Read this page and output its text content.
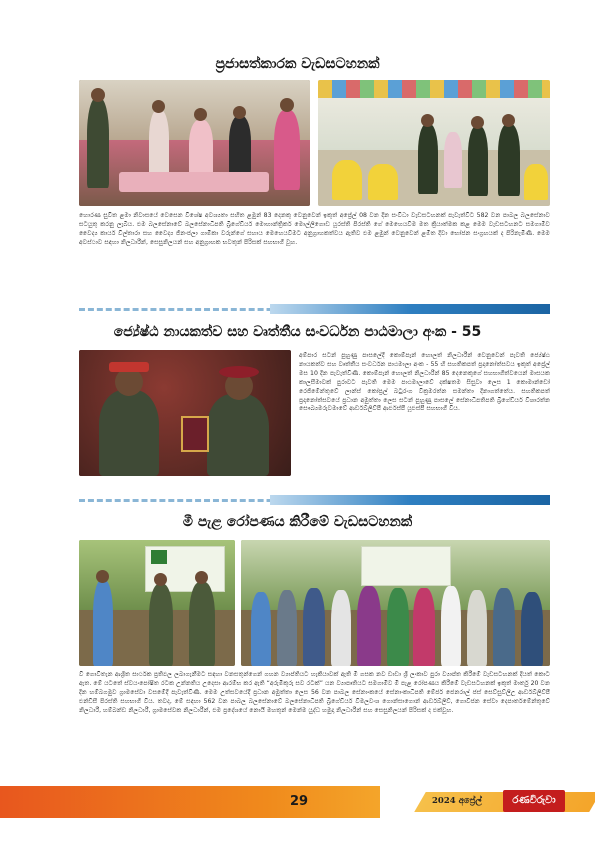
ප්‍රජාසත්කාරක වැඩසටහනක්
හොරණ සුවිත ළමා නිවාසයේ වෙසෙන විශේෂ අවශ්‍යතා සහිත ළමුන් 83 දෙනකු වෙනුවෙන් ඉකුත් අප්‍රේල් 08 වන දින සංවිධා වැඩසටහනක් පැවැත්විට 582 වන පාබල බලසේනාව සටයුතු කරනු ලැබීය. එම බලසේනාවේ බලසේනාධිපති බ්‍රිගේඩියර් මොහාන්ත්‍රිකර් මොල්ලිගොඩ යූරස්ති පිරස්ති ගේ මෙහෙයවීම මත ක්‍රියාත්මක කළ මෙම වැඩසටහනට සමගාමීව වෛද්‍ය කාර්ය විල්තාරා සහ වෛද්‍ය ජිනංජලා ගාමිකා වරුන්ගේ සහාය මෙහෙයවීමට අනුග්‍රාහකත්වය ඇතිව එම ළමුන් වෙනුවෙන් ළමිත දිවා භෝජන සංග්‍රහයක් ද පිරිනැමිණි. මෙම අවස්ථාව සඳහා නිලධාරීන්, සෙසුනිලයන් සහ අනුග්‍රාහක භවතුන් පිරිසක් සහභාගී වූහ.
ජ්‍යේෂ්ඨ නායකත්ව සහ වෘත්තීය සංවර්ධන පාඨමාලා අංක - 55
අම්පාර සටන් පුහුණු පාසලේදී කොම්පෑන් හොලත් නිලධාරීන් වෙනුවෙන් පැවති ජ්‍යේෂ්ඨ නායකත්ව සහ වෘත්තීය සංවර්ධන පාඨමාලා අංක - 55 හි සහතිකපත් ප්‍රදානෝත්සවය ඉකුත් අප්‍රේල් මස 10 දින පැවැත්විණි. කොම්පෑන් හොලත් නිලධාරීන් 85 දෙනෙකුගේ සහභාගීත්වයෙන් මාසයක කාලසීමාවක් පුරාවට පැවති මෙම පාඨමාලාවේ දක්ෂතම සිසුවා ලෙස 1 කොමාන්ඩෝ රෙජිමේන්තුවේ ලාන්ස් කෝප්‍රල් බටුරංග වික්‍රමරත්න සමන්තා දිනාගත්තේය. සහතිකපත් ප්‍රදානෝත්සවයේ ප්‍රධාන අමුත්තා ලෙස සටන් පුහුණු පාසලේ සේනාධිපතිපති බ්‍රිගේඩියර් විශාරත්න සෞඛ්‍යමරුවමාවේ ආර්ඩබ්ලිව්පී ආර්එස්පී යූඑස්පී සහභාගී විය.
මී පැළ රෝපණය කිරීමේ වැඩසටහනක්
වී ගොවිතැන ආශ්‍රිත සාර්ථක ප්‍රතිඵල ලබාගැනීමට සඳහා වනසතුන්ගෙන් ගහන ව්‍යාප්තියට හැකියාවක් ඇති මී ගසක නව ඩාඩා ශ්‍රී ලංකාව පුරා ව්‍යාප්ත කිරීමේ වැඩසටහනක් දියත් කොට ඇත. මේ යටතේ ස්වයංපෝෂිත රටක උන්නතිය උදෙසා ආරම්භ කර ඇති “අරුමිකුරු සව රටක්” යන ව්‍යාපෘතියට සමගාමීව මී පැළ රෝපණය කිරීමේ වැඩසටහනක් ඉකුත් මාර්තු 20 වන දින හම්බගමුව ග්‍රාමසේවා වසමේදී පැවැත්විණි. මෙම උත්සවයේදී ප්‍රධාන අමුත්තා ලෙස 56 වන පාබල සේනාංකයේ සේනාංකාධිපති මේජර් ජෙනරාල් ජස් සෙව්සුව්ලිඋ ආර්ඩබ්ලිව්පී එන්ඩීසී පිරස්ති සහභාගී විය. තවද, මේ සඳහා 562 වන පාබල බලසේනාවේ බලසේනාධිපති බ්‍රිගේඩියර් විමලවංශ ගොන්සාගොන් ආර්ඩබ්ලිව්, ගොවිජන සේවා දෙපාර්තමේන්තුවේ නිලධාරී, හම්බන්ඩ නිලධාරී, ග්‍රාමසේවක නිලධාරීන්, එම ප්‍රදේශයේ නොයි මහතුන් මෙන්ම යුද්ධ හමුදා නිලධාරීන් සහ සෙසුනිලයන් පිරිසක් ද එක්වූහ.
29	2024 අප්‍රේල්	රණවිරුවා
